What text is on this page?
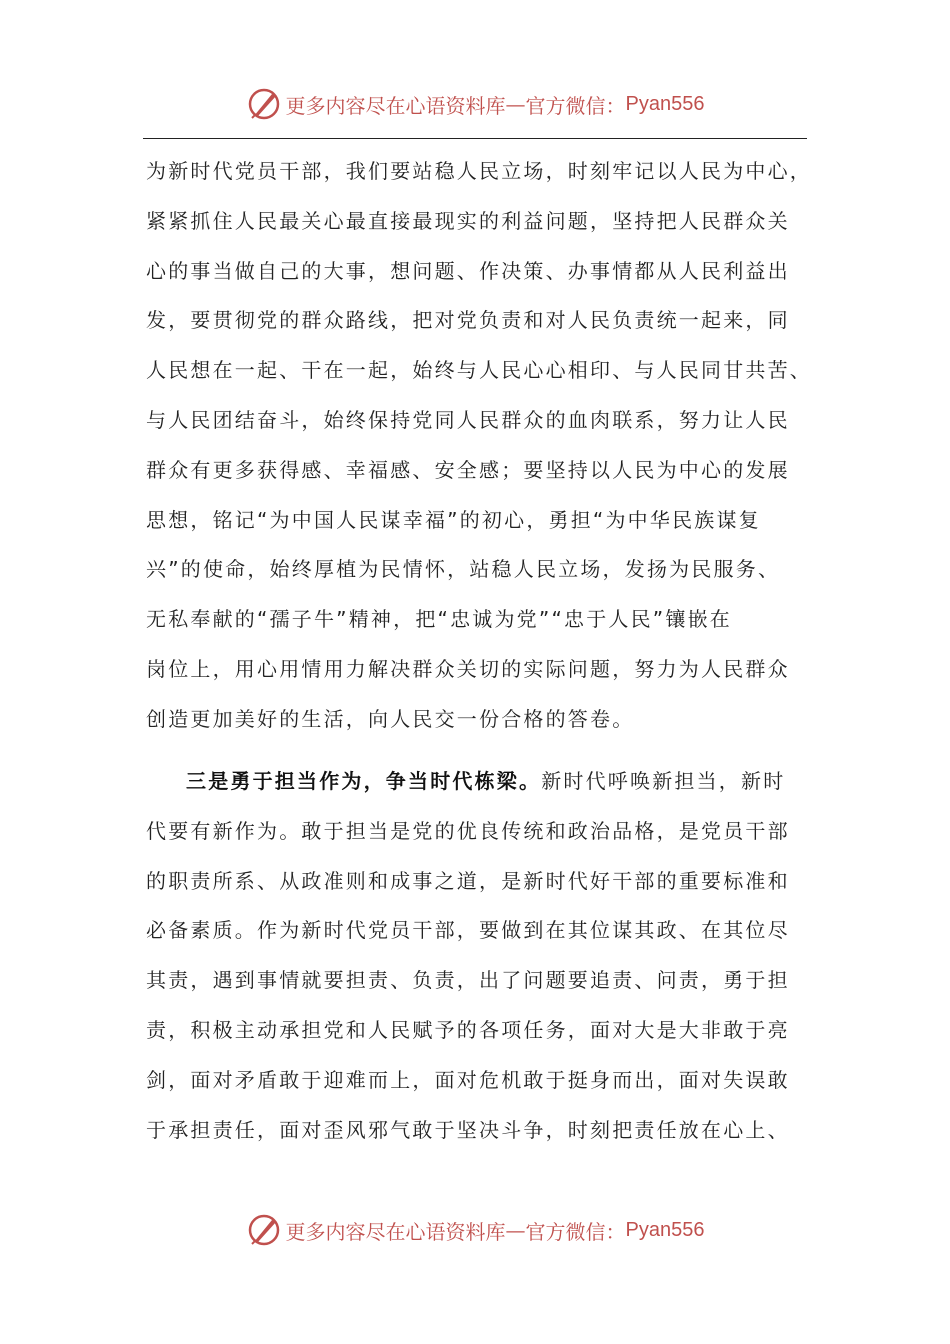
更多内容尽在心语资料库 — 官方微信： Pyan556
为新时代党员干部，我们要站稳人民立场，时刻牢记以人民为中心，
紧紧抓住人民最关心最直接最现实的利益问题，坚持把人民群众关
心的事当做自己的大事，想问题、作决策、办事情都从人民利益出
发，要贯彻党的群众路线，把对党负责和对人民负责统一起来，同
人民想在一起、干在一起，始终与人民心心相印、与人民同甘共苦、
与人民团结奋斗，始终保持党同人民群众的血肉联系，努力让人民
群众有更多获得感、幸福感、安全感；要坚持以人民为中心的发展
思想，铭记“为中国人民谋幸福”的初心，勇担“为中华民族谋复
兴”的使命，始终厚植为民情怀，站稳人民立场，发扬为民服务、
无私奉献的“孺子牛”精神，把“忠诚为党”“忠于人民”镶嵌在
岗位上，用心用情用力解决群众关切的实际问题，努力为人民群众
创造更加美好的生活，向人民交一份合格的答卷。
三是勇于担当作为，争当时代栋梁。新时代呼唤新担当，新时
代要有新作为。敢于担当是党的优良传统和政治品格，是党员干部
的职责所系、从政准则和成事之道，是新时代好干部的重要标准和
必备素质。作为新时代党员干部，要做到在其位谋其政、在其位尽
其责，遇到事情就要担责、负责，出了问题要追责、问责，勇于担
责，积极主动承担党和人民赋予的各项任务，面对大是大非敢于亮
剑，面对矛盾敢于迎难而上，面对危机敢于挺身而出，面对失误敢
于承担责任，面对歪风邪气敢于坚决斗争，时刻把责任放在心上、
更多内容尽在心语资料库 — 官方微信： Pyan556
